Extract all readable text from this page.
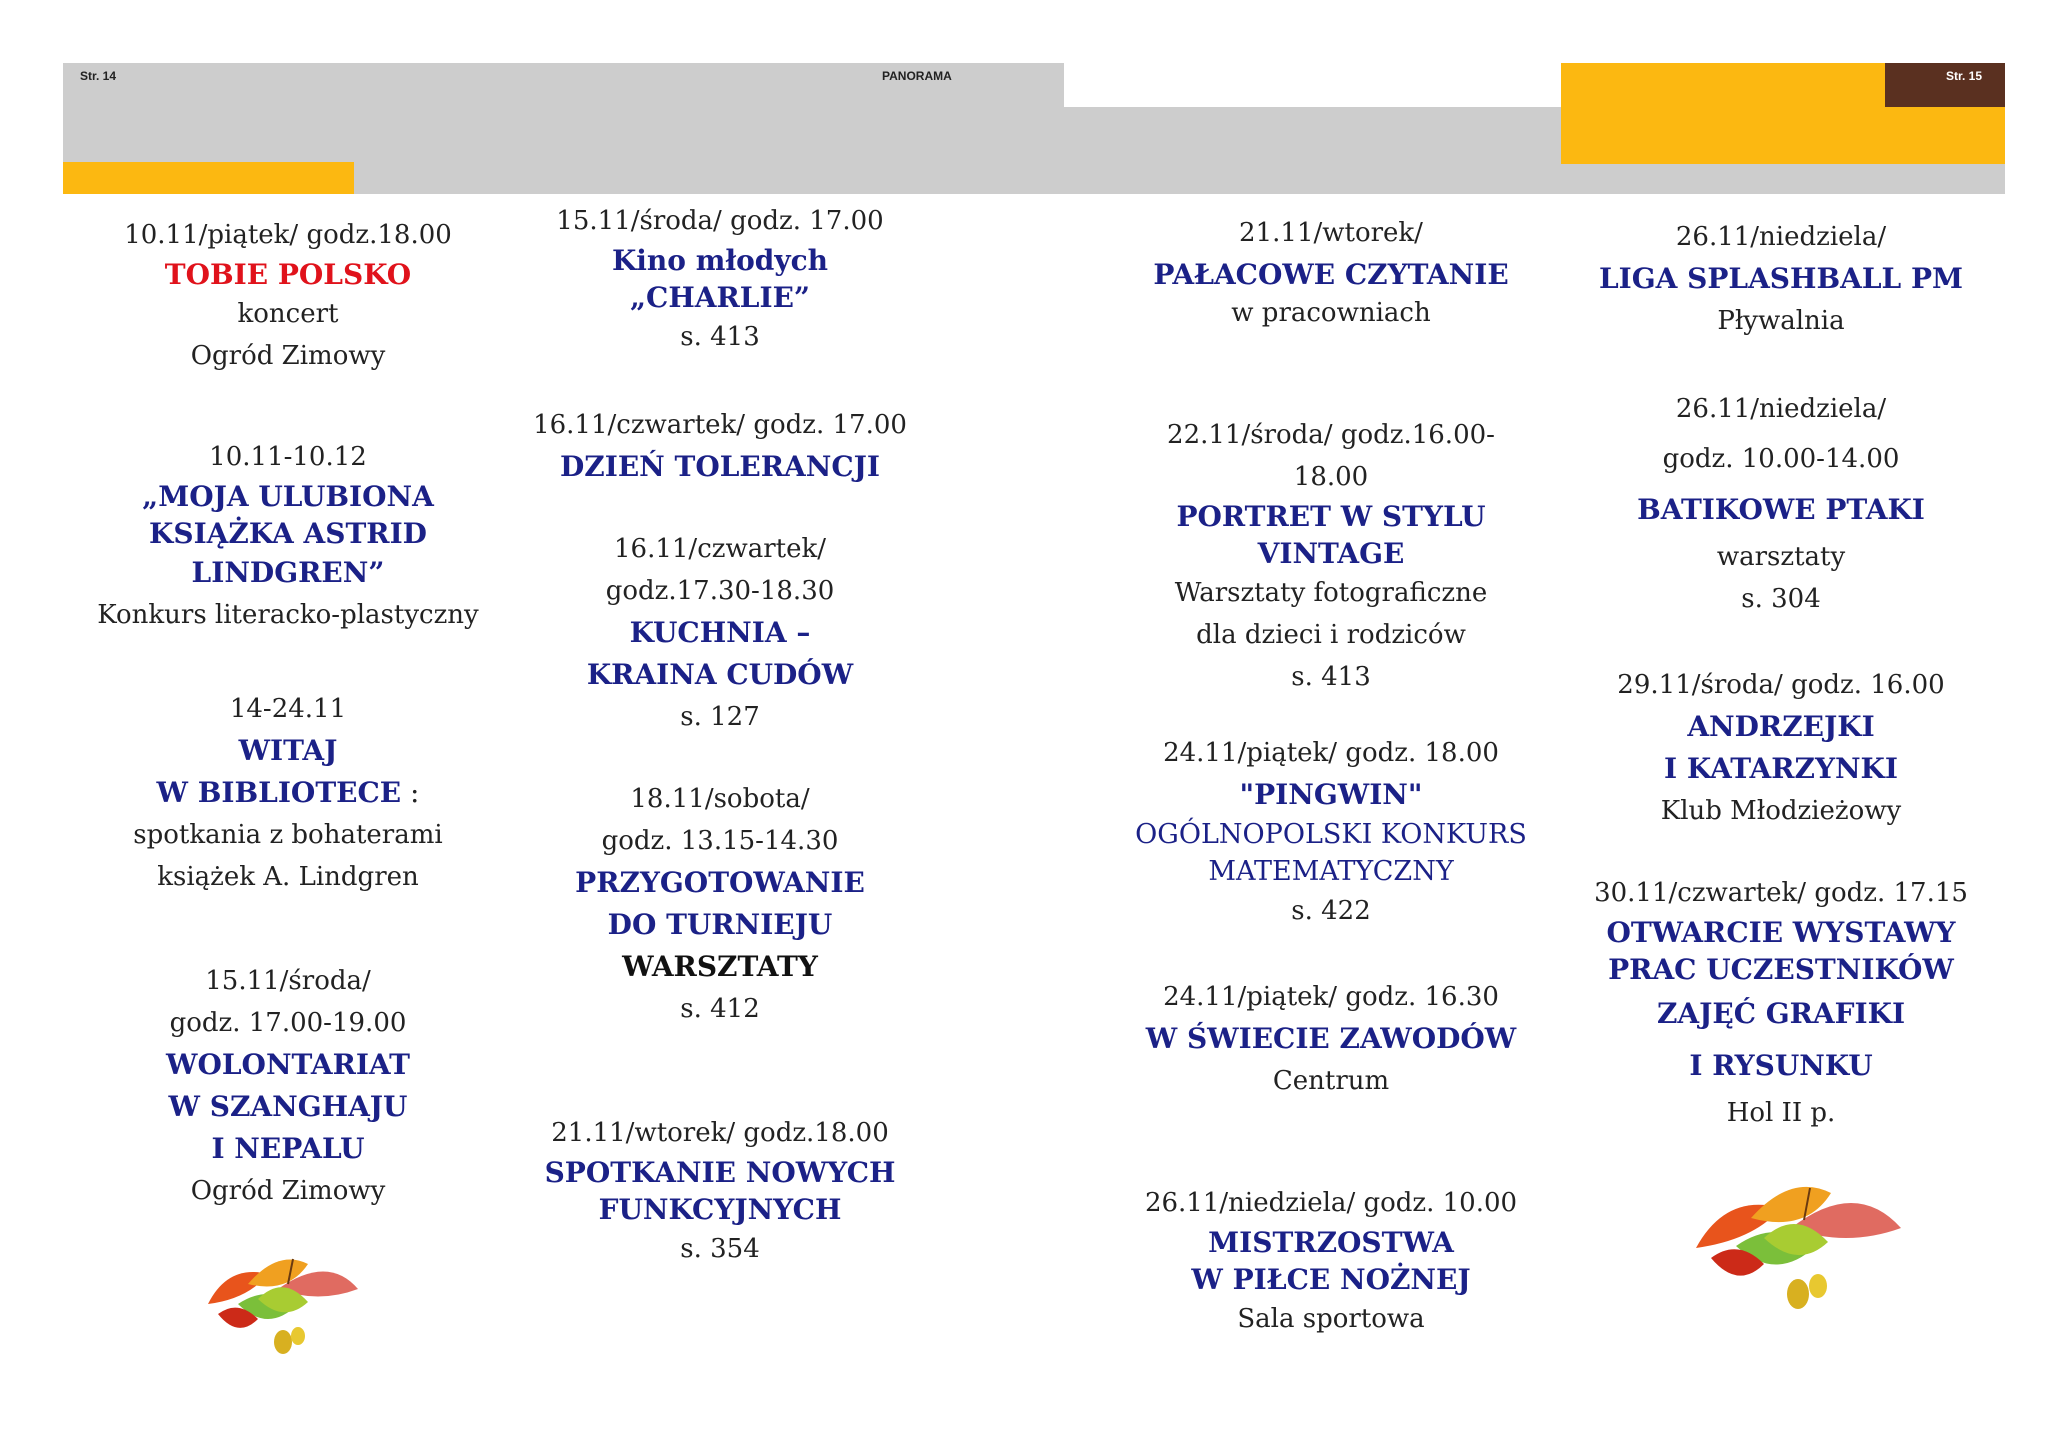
Str. 14	PANORAMA	Str. 15
10.11/piątek/ godz.18.00
TOBIE POLSKO
koncert
Ogród Zimowy
10.11-10.12
„MOJA ULUBIONA
KSIĄŻKA ASTRID
LINDGREN”
Konkurs literacko-plastyczny
14-24.11
WITAJ
W BIBLIOTECE :
spotkania z bohaterami
książek A. Lindgren
15.11/środa/
godz. 17.00-19.00
WOLONTARIAT
W SZANGHAJU
I NEPALU
Ogród Zimowy
15.11/środa/ godz. 17.00
Kino młodych
„CHARLIE”
s. 413
16.11/czwartek/ godz. 17.00
DZIEŃ TOLERANCJI
16.11/czwartek/
godz.17.30-18.30
KUCHNIA –
KRAINA CUDÓW
s. 127
18.11/sobota/
godz. 13.15-14.30
PRZYGOTOWANIE
DO TURNIEJU
WARSZTATY
s. 412
21.11/wtorek/ godz.18.00
SPOTKANIE NOWYCH
FUNKCYJNYCH
s. 354
21.11/wtorek/
PAŁACOWE CZYTANIE
w pracowniach
22.11/środa/ godz.16.00-18.00
PORTRET W STYLU
VINTAGE
Warsztaty fotograficzne
dla dzieci i rodziców
s. 413
24.11/piątek/ godz. 18.00
"PINGWIN"
OGÓLNOPOLSKI KONKURS
MATEMATYCZNY
s. 422
24.11/piątek/ godz. 16.30
W ŚWIECIE ZAWODÓW
Centrum
26.11/niedziela/ godz. 10.00
MISTRZOSTWA
W PIŁCE NOŻNEJ
Sala sportowa
26.11/niedziela/
LIGA SPLASHBALL PM
Pływalnia
26.11/niedziela/
godz. 10.00-14.00
BATIKOWE PTAKI
warsztaty
s. 304
29.11/środa/ godz. 16.00
ANDRZEJKI
I KATARZYNKI
Klub Młodzieżowy
30.11/czwartek/ godz. 17.15
OTWARCIE WYSTAWY
PRAC UCZESTNIKÓW
ZAJĘĆ GRAFIKI
I RYSUNKU
Hol II p.
